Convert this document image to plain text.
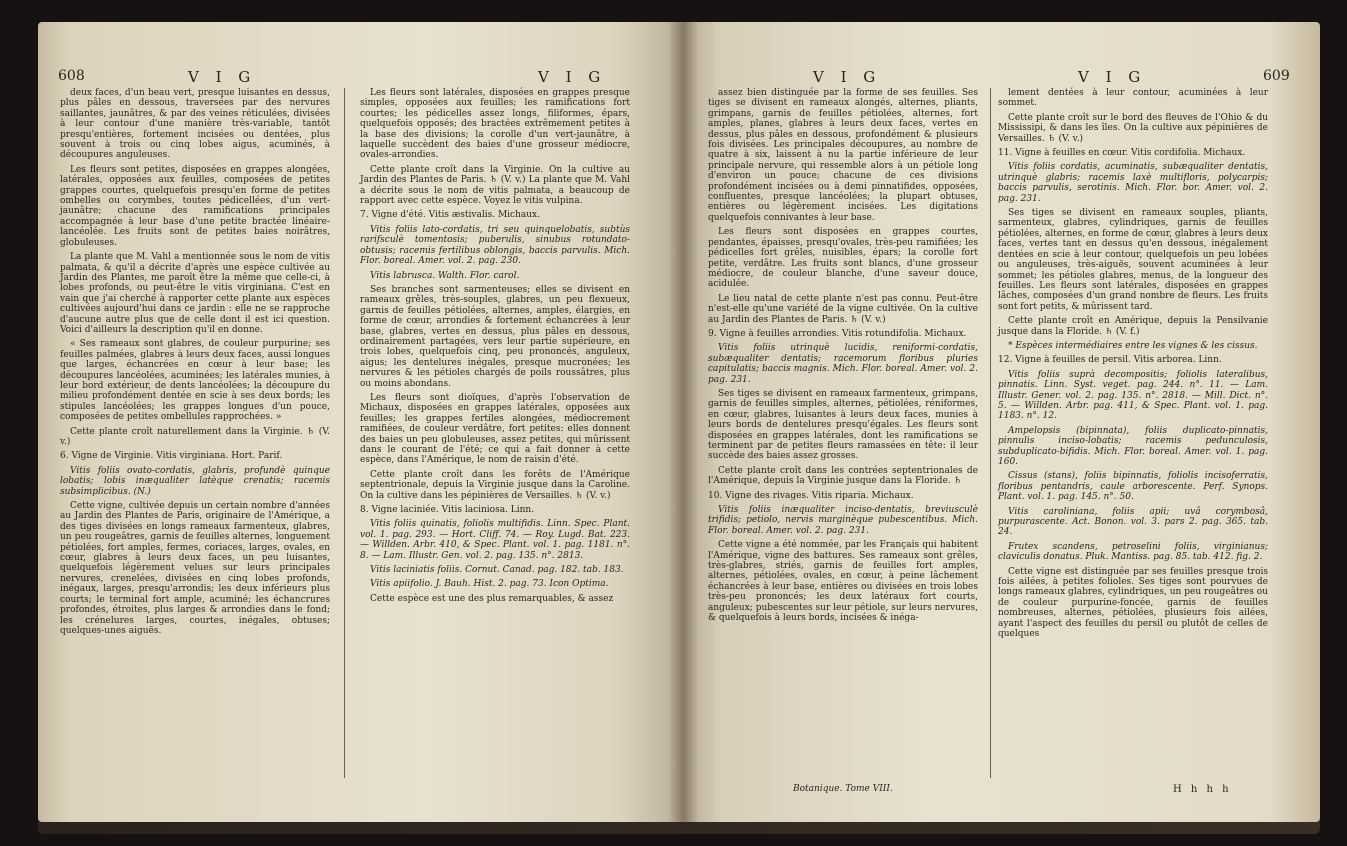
608	V I G	V I G

deux faces, d'un beau vert, presque luisantes en dessus, plus pâles en dessous, traversées par des nervures saillantes, jaunâtres, & par des veines réticulées, divisées à leur contour d'une manière très-variable, tantôt presqu'entières, fortement incisées ou dentées, plus souvent à trois ou cinq lobes aigus, acuminés, à découpures anguleuses.

Les fleurs sont petites, disposées en grappes alongées, latérales, opposées aux feuilles, composées de petites grappes courtes, quelquefois presqu'en forme de petites ombelles ou corymbes, toutes pédicellées, d'un vert-jaunâtre; chacune des ramifications principales accompagnée à leur base d'une petite bractée linéaire-lancéolée. Les fruits sont de petites baies noirâtres, globuleuses.

La plante que M. Vahl a mentionnée sous le nom de vitis palmata, & qu'il a décrite d'après une espèce cultivée au Jardin des Plantes, me paroît être la même que celle-ci, à lobes profonds, ou peut-être le vitis virginiana. C'est en vain que j'ai cherché à rapporter cette plante aux espèces cultivées aujourd'hui dans ce jardin : elle ne se rapproche d'aucune autre plus que de celle dont il est ici question. Voici d'ailleurs la description qu'il en donne.

« Ses rameaux sont glabres, de couleur purpurine; ses feuilles palmées, glabres à leurs deux faces, aussi longues que larges, échancrées en cœur à leur base; les découpures lancéolées, acuminées; les latérales munies, à leur bord extérieur, de dents lancéolées; la découpure du milieu profondément dentée en scie à ses deux bords; les stipules lancéolées; les grappes longues d'un pouce, composées de petites ombellules rapprochées. »

Cette plante croît naturellement dans la Virginie. ♄ (V. v.)

6. Vigne de Virginie. Vitis virginiana. Hort. Parif.

Vitis foliis ovato-cordatis, glabris, profundè quinque lobatis; lobis inæqualiter latèque crenatis; racemis subsimplicibus. (N.)

Cette vigne, cultivée depuis un certain nombre d'années au Jardin des Plantes de Paris, originaire de l'Amérique, a des tiges divisées en longs rameaux farmenteux, glabres, un peu rougeâtres, garnis de feuilles alternes, longuement pétiolées, fort amples, fermes, coriaces, larges, ovales, en cœur, glabres à leurs deux faces, un peu luisantes, quelquefois légèrement velues sur leurs principales nervures, crenelées, divisées en cinq lobes profonds, inégaux, larges, presqu'arrondis; les deux inférieurs plus courts; le terminal fort ample, acuminé; les échancrures profondes, étroites, plus larges & arrondies dans le fond; les crénelures larges, courtes, inégales, obtuses; quelques-unes aiguës.

Les fleurs sont latérales, disposées en grappes presque simples, opposées aux feuilles; les ramifications fort courtes; les pédicelles assez longs, filiformes, épars, quelquefois opposés; des bractées extrêmement petites à la base des divisions; la corolle d'un vert-jaunâtre, à laquelle succèdent des baies d'une grosseur médiocre, ovales-arrondies.

Cette plante croît dans la Virginie. On la cultive au Jardin des Plantes de Paris. ♄ (V. v.) La plante que M. Vahl a décrite sous le nom de vitis palmata, a beaucoup de rapport avec cette espèce. Voyez le vitis vulpina.

7. Vigne d'été. Vitis æstivalis. Michaux.

Vitis foliis lato-cordatis, tri seu quinquelobatis, subtùs rarifsculè tomentosis; puberulis, sinubus rotundato-obtusis; racemis fertilibus oblongis, baccis parvulis. Mich. Flor. boreal. Amer. vol. 2. pag. 230.

Vitis labrusca. Walth. Flor. carol.

Ses branches sont sarmenteuses; elles se divisent en rameaux grêles, très-souples, glabres, un peu flexueux, garnis de feuilles pétiolées, alternes, amples, élargies, en forme de cœur, arrondies & fortement échancrées à leur base, glabres, vertes en dessus, plus pâles en dessous, ordinairement partagées, vers leur partie supérieure, en trois lobes, quelquefois cinq, peu prononcés, anguleux, aigus; les dentelures inégales, presque mucronées; les nervures & les pétioles chargés de poils roussâtres, plus ou moins abondans.

Les fleurs sont dioïques, d'après l'observation de Michaux, disposées en grappes latérales, opposées aux feuilles; les grappes fertiles alongées, médiocrement ramifiées, de couleur verdâtre, fort petites: elles donnent des baies un peu globuleuses, assez petites, qui mûrissent dans le courant de l'été; ce qui a fait donner à cette espèce, dans l'Amérique, le nom de raisin d'été.

Cette plante croît dans les forêts de l'Amérique septentrionale, depuis la Virginie jusque dans la Caroline. On la cultive dans les pépinières de Versailles. ♄ (V. v.)

8. Vigne laciniée. Vitis laciniosa. Linn.

Vitis foliis quinatis, foliolis multifidis. Linn. Spec. Plant. vol. 1. pag. 293. — Hort. Cliff. 74. — Roy. Lugd. Bat. 223. — Willden. Arbr. 410, & Spec. Plant. vol. 1. pag. 1181. n°. 8. — Lam. Illustr. Gen. vol. 2. pag. 135. n°. 2813.

Vitis laciniatis foliis. Cornut. Canad. pag. 182. tab. 183.

Vitis apiifolio. J. Bauh. Hist. 2. pag. 73. Icon Optima.

Cette espèce est une des plus remarquables, & assez

V I G	V I G	609

assez bien distinguée par la forme de ses feuilles. Ses tiges se divisent en rameaux alongés, alternes, pliants, grimpans, garnis de feuilles pétiolées, alternes, fort amples, planes, glabres à leurs deux faces, vertes en dessus, plus pâles en dessous, profondément & plusieurs fois divisées. Les principales découpures, au nombre de quatre à six, laissent à nu la partie inférieure de leur principale nervure, qui ressemble alors à un pétiole long d'environ un pouce; chacune de ces divisions profondément incisées ou à demi pinnatifides, opposées, confluentes, presque lancéolées; la plupart obtuses, entières ou légèrement incisées. Les digitations quelquefois connivantes à leur base.

Les fleurs sont disposées en grappes courtes, pendantes, épaisses, presqu'ovales, très-peu ramifiées; les pédicelles fort grêles, nuisibles, épars; la corolle fort petite, verdâtre. Les fruits sont blancs, d'une grosseur médiocre, de couleur blanche, d'une saveur douce, acidulée.

Le lieu natal de cette plante n'est pas connu. Peut-être n'est-elle qu'une variété de la vigne cultivée. On la cultive au Jardin des Plantes de Paris. ♄ (V. v.)

9. Vigne à feuilles arrondies. Vitis rotundifolia. Michaux.

Vitis foliis utrinquè lucidis, reniformi-cordatis, subæqualiter dentatis; racemorum floribus pluries capitulatis; baccis magnis. Mich. Flor. boreal. Amer. vol. 2. pag. 231.

Ses tiges se divisent en rameaux farmenteux, grimpans, garnis de feuilles simples, alternes, pétiolées, réniformes, en cœur, glabres, luisantes à leurs deux faces, munies à leurs bords de dentelures presqu'égales. Les fleurs sont disposées en grappes latérales, dont les ramifications se terminent par de petites fleurs ramassées en tête: il leur succède des baies assez grosses.

Cette plante croît dans les contrées septentrionales de l'Amérique, depuis la Virginie jusque dans la Floride. ♄

10. Vigne des rivages. Vitis riparia. Michaux.

Vitis foliis inæqualiter inciso-dentatis, breviusculè trifidis; petiolo, nervis marginèque pubescentibus. Mich. Flor. boreal. Amer. vol. 2. pag. 231.

Cette vigne a été nommée, par les Français qui habitent l'Amérique, vigne des battures. Ses rameaux sont grêles, très-glabres, striés, garnis de feuilles fort amples, alternes, pétiolées, ovales, en cœur, à peine lâchement échancrées à leur base, entières ou divisées en trois lobes très-peu prononcés; les deux latéraux fort courts, anguleux; pubescentes sur leur pétiole, sur leurs nervures, & quelquefois à leurs bords, incisées & inéga-

lement dentées à leur contour, acuminées à leur sommet.

Cette plante croît sur le bord des fleuves de l'Ohio & du Mississipi, & dans les îles. On la cultive aux pépinières de Versailles. ♄ (V. v.)

11. Vigne à feuilles en cœur. Vitis cordifolia. Michaux.

Vitis foliis cordatis, acuminatis, subæqualiter dentatis, utrinquè glabris; racemis laxè multifloris, polycarpis; baccis parvulis, serotinis. Mich. Flor. bor. Amer. vol. 2. pag. 231.

Ses tiges se divisent en rameaux souples, pliants, sarmenteux, glabres, cylindriques, garnis de feuilles pétiolées, alternes, en forme de cœur, glabres à leurs deux faces, vertes tant en dessus qu'en dessous, inégalement dentées en scie à leur contour, quelquefois un peu lobées ou anguleuses, très-aiguës, souvent acuminées à leur sommet; les pétioles glabres, menus, de la longueur des feuilles. Les fleurs sont latérales, disposées en grappes lâches, composées d'un grand nombre de fleurs. Les fruits sont fort petits, & mûrissent tard.

Cette plante croît en Amérique, depuis la Pensilvanie jusque dans la Floride. ♄ (V. f.)

* Espèces intermédiaires entre les vignes & les cissus.

12. Vigne à feuilles de persil. Vitis arborea. Linn.

Vitis foliis suprà decompositis; foliolis lateralibus, pinnatis. Linn. Syst. veget. pag. 244. n°. 11. — Lam. Illustr. Gener. vol. 2. pag. 135. n°. 2818. — Mill. Dict. n°. 5. — Willden. Arbr. pag. 411, & Spec. Plant. vol. 1. pag. 1183. n°. 12.

Ampelopsis (bipinnata), foliis duplicato-pinnatis, pinnulis inciso-lobatis; racemis pedunculosis, subduplicato-bifidis. Mich. Flor. boreal. Amer. vol. 1. pag. 160.

Cissus (stans), foliis bipinnatis, foliolis incisoferratis, floribus pentandris, caule arborescente. Perf. Synops. Plant. vol. 1. pag. 145. n°. 50.

Vitis caroliniana, foliis apii; uvâ corymbosâ, purpurascente. Act. Bonon. vol. 3. pars 2. pag. 365. tab. 24.

Frutex scandens, petroselini foliis, virginianus; claviculis donatus. Pluk. Mantiss. pag. 85. tab. 412. fig. 2.

Cette vigne est distinguée par ses feuilles presque trois fois ailées, à petites folioles. Ses tiges sont pourvues de longs rameaux glabres, cylindriques, un peu rougeâtres ou de couleur purpurine-foncée, garnis de feuilles nombreuses, alternes, pétiolées, plusieurs fois ailées, ayant l'aspect des feuilles du persil ou plutôt de celles de quelques

Botanique. Tome VIII.	H h h h
